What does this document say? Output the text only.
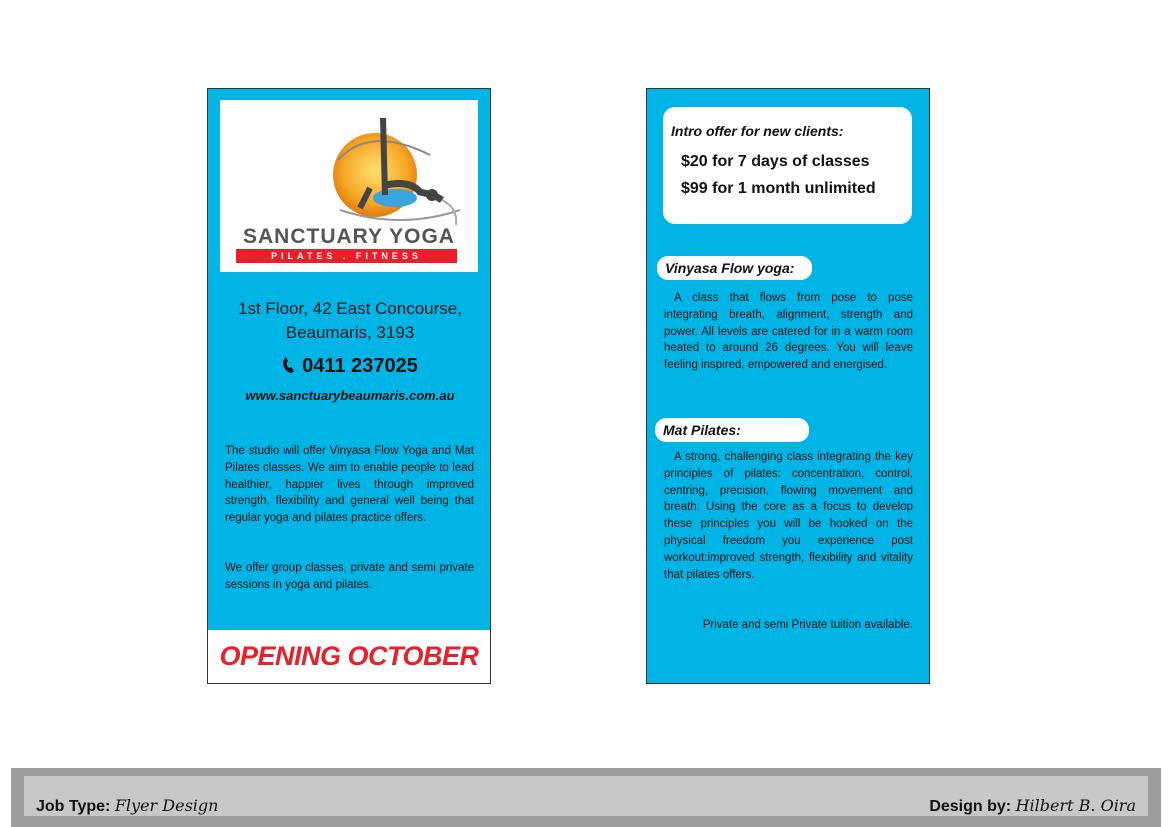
SANCTUARY YOGA
PILATES . FITNESS
1st Floor, 42 East Concourse,
Beaumaris, 3193
0411 237025
www.sanctuarybeaumaris.com.au
The studio will offer Vinyasa Flow Yoga and Mat Pilates classes. We aim to enable people to lead healthier, happier lives through improved strength, flexibility and general well being that regular yoga and pilates practice offers.
We offer group classes, private and semi private sessions in yoga and pilates.
OPENING OCTOBER
Intro offer for new clients:
$20 for 7 days of classes
$99 for 1 month unlimited
Vinyasa Flow yoga:
A class that flows from pose to pose integrating breath, alignment, strength and power. All levels are catered for in a warm room heated to around 26 degrees. You will leave feeling inspired, empowered and energised.
Mat Pilates:
A strong, challenging class integrating the key principles of pilates: concentration, control, centring, precision, flowing movement and breath. Using the core as a focus to develop these principles you will be hooked on the physical freedom you experience post workout:improved strength, flexibility and vitality that pilates offers.
Private and semi Private tuition available.
Job Type: Flyer Design	Design by: Hilbert B. Oira
